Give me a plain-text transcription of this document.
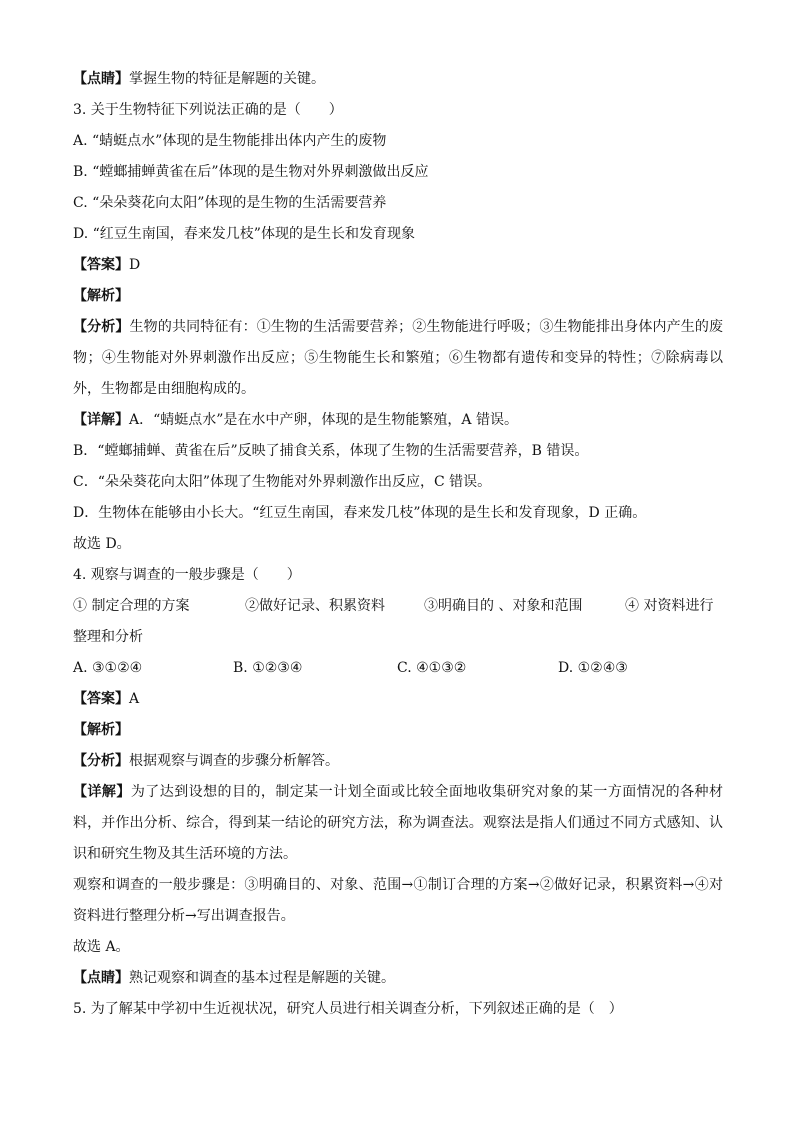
【点睛】掌握生物的特征是解题的关键。
3. 关于生物特征下列说法正确的是（　　）
A. “蜻蜓点水”体现的是生物能排出体内产生的废物
B. “螳螂捕蝉黄雀在后”体现的是生物对外界刺激做出反应
C. “朵朵葵花向太阳”体现的是生物的生活需要营养
D. “红豆生南国，春来发几枝”体现的是生长和发育现象
【答案】D
【解析】
【分析】生物的共同特征有：①生物的生活需要营养；②生物能进行呼吸；③生物能排出身体内产生的废物；④生物能对外界刺激作出反应；⑤生物能生长和繁殖；⑥生物都有遗传和变异的特性；⑦除病毒以外，生物都是由细胞构成的。
【详解】A．“蜻蜓点水”是在水中产卵，体现的是生物能繁殖，A 错误。
B．“螳螂捕蝉、黄雀在后”反映了捕食关系，体现了生物的生活需要营养，B 错误。
C．“朵朵葵花向太阳”体现了生物能对外界刺激作出反应，C 错误。
D．生物体在能够由小长大。“红豆生南国，春来发几枝”体现的是生长和发育现象，D 正确。
故选 D。
4. 观察与调查的一般步骤是（　　）
① 制定合理的方案	②做好记录、积累资料	③明确目的 、对象和范围	④ 对资料进行
整理和分析
A. ③①②④	B. ①②③④	C. ④①③②	D. ①②④③
【答案】A
【解析】
【分析】根据观察与调查的步骤分析解答。
【详解】为了达到设想的目的，制定某一计划全面或比较全面地收集研究对象的某一方面情况的各种材料，并作出分析、综合，得到某一结论的研究方法，称为调查法。观察法是指人们通过不同方式感知、认识和研究生物及其生活环境的方法。
观察和调查的一般步骤是：③明确目的、对象、范围→①制订合理的方案→②做好记录，积累资料→④对资料进行整理分析→写出调查报告。
故选 A。
【点睛】熟记观察和调查的基本过程是解题的关键。
5. 为了解某中学初中生近视状况，研究人员进行相关调查分析，下列叙述正确的是（　）
